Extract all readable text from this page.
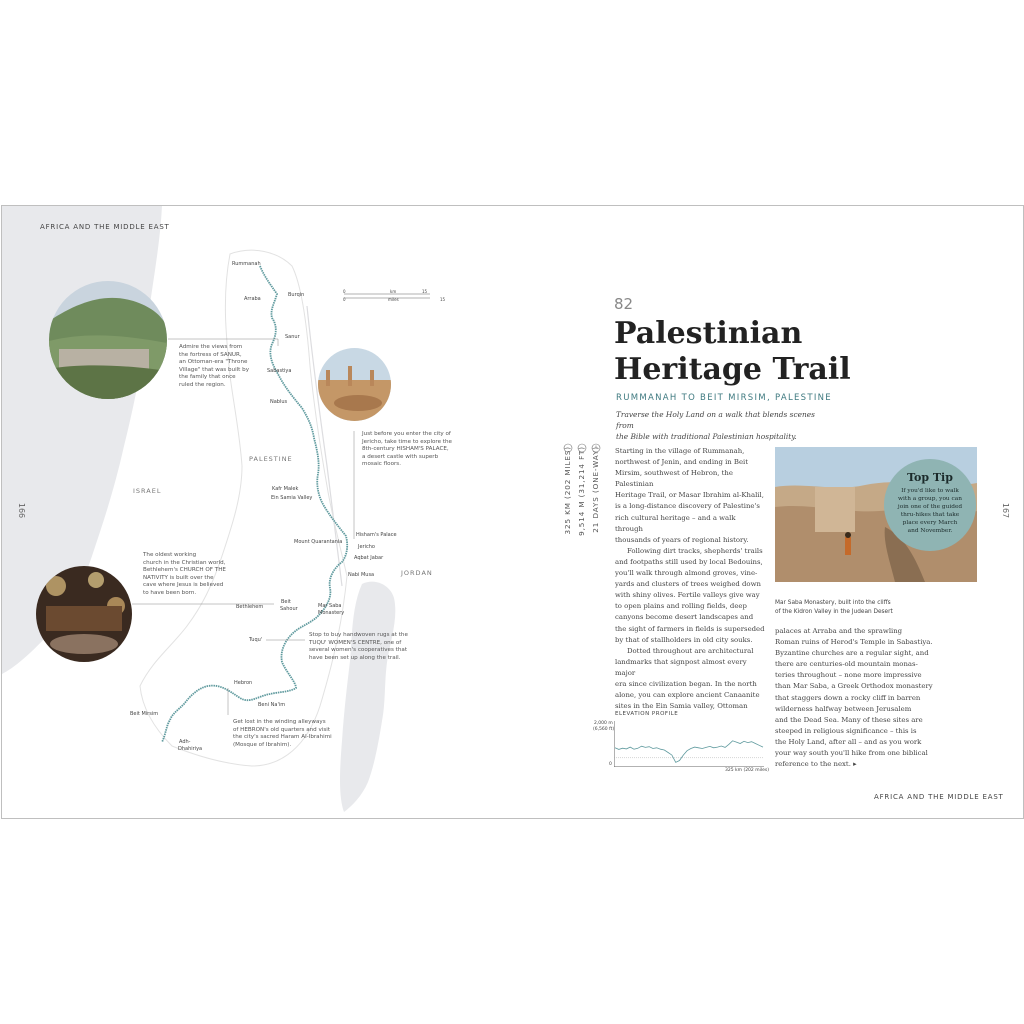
AFRICA AND THE MIDDLE EAST
166	167
0	km	15
0	miles	15
PALESTINE
ISRAEL
JORDAN
Rummanah
Burqin
Arraba
Sanur
Sabastiya
Nablus
Kafr Malek
Ein Samia Valley
Hisham's Palace
Mount Quarantania
Jericho
Aqbat Jabar
Nabi Musa
Beit
Sahour
Bethlehem	Mar Saba
Monastery
Tuqu'
Hebron
Beni Na'im
Beit Mirsim
Adh-
Dhahiriya
Admire the views from
the fortress of SANUR,
an Ottoman-era "Throne
Village" that was built by
the family that once
ruled the region.
Just before you enter the city of
Jericho, take time to explore the
8th-century HISHAM'S PALACE,
a desert castle with superb
mosaic floors.
The oldest working
church in the Christian world,
Bethlehem's CHURCH OF THE
NATIVITY is built over the
cave where Jesus is believed
to have been born.
Stop to buy handwoven rugs at the
TUQU' WOMEN'S CENTRE, one of
several women's cooperatives that
have been set up along the trail.
Get lost in the winding alleyways
of HEBRON's old quarters and visit
the city's sacred Haram Al-Ibrahimi
(Mosque of Ibrahim).
82
Palestinian
Heritage Trail
RUMMANAH TO BEIT MIRSIM, PALESTINE
Traverse the Holy Land on a walk that blends scenes from
the Bible with traditional Palestinian hospitality.
325 KM (202 MILES) 9,514 M (31,214 FT) 21 DAYS (ONE-WAY) Starting in the village of Rummanah,
northwest of Jenin, and ending in Beit
Mirsim, southwest of Hebron, the Palestinian
Heritage Trail, or Masar Ibrahim al-Khalil,
is a long-distance discovery of Palestine's
rich cultural heritage – and a walk through
thousands of years of regional history.

Following dirt tracks, shepherds' trails
and footpaths still used by local Bedouins,
you'll walk through almond groves, vine-
yards and clusters of trees weighed down
with shiny olives. Fertile valleys give way
to open plains and rolling fields, deep
canyons become desert landscapes and
the sight of farmers in fields is superseded
by that of stallholders in old city souks.

Dotted throughout are architectural
landmarks that signpost almost every major
era since civilization began. In the north
alone, you can explore ancient Canaanite
sites in the Ein Samia valley, Ottoman

Mar Saba Monastery, built into the cliffs
of the Kidron Valley in the Judean Desert
palaces at Arraba and the sprawling
Roman ruins of Herod's Temple in Sabastiya.
Byzantine churches are a regular sight, and
there are centuries-old mountain monas-
teries throughout – none more impressive
than Mar Saba, a Greek Orthodox monastery
that staggers down a rocky cliff in barren
wilderness halfway between Jerusalem
and the Dead Sea. Many of these sites are
steeped in religious significance – this is
the Holy Land, after all – and as you work
your way south you'll hike from one biblical
reference to the next. ▸
ELEVATION PROFILE
2,000 m
(6,560 ft)
0
325 km (202 miles)
Top Tip
If you'd like to walk
with a group, you can
join one of the guided
thru-hikes that take
place every March
and November.
AFRICA AND THE MIDDLE EAST
